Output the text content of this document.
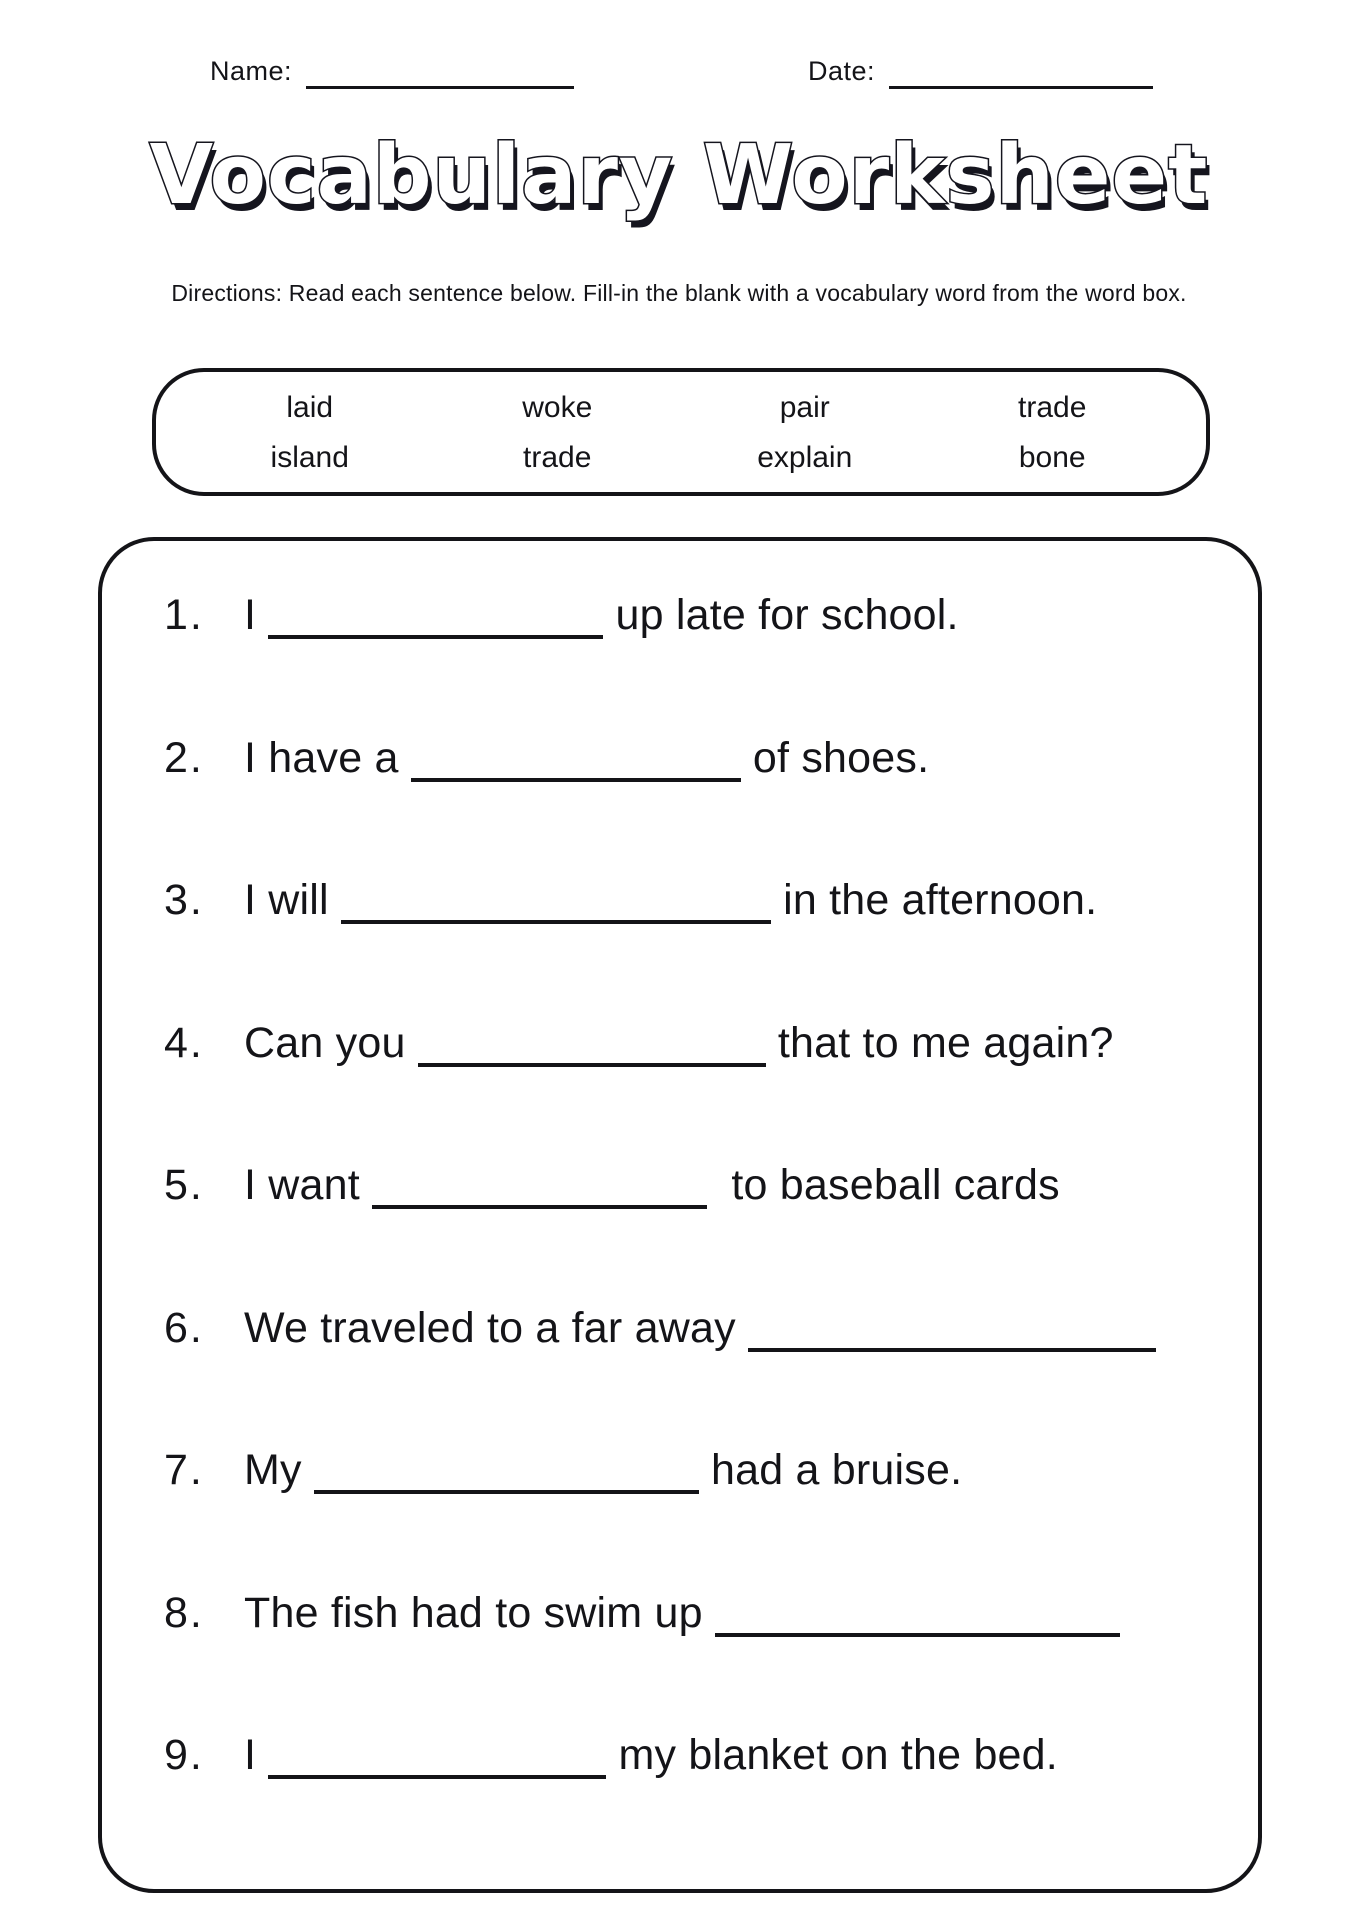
Name:	Date:
Vocabulary Worksheet
Directions: Read each sentence below. Fill-in the blank with a vocabulary word from the word box.
laid	woke	pair	trade
island	trade	explain	bone
1. I	up late for school.
2. I have a	of shoes.
3. I will	in the afternoon.
4. Can you	that to me again?
5. I want	to baseball cards
6. We traveled to a far away
7. My	had a bruise.
8. The fish had to swim up
9. I	my blanket on the bed.
